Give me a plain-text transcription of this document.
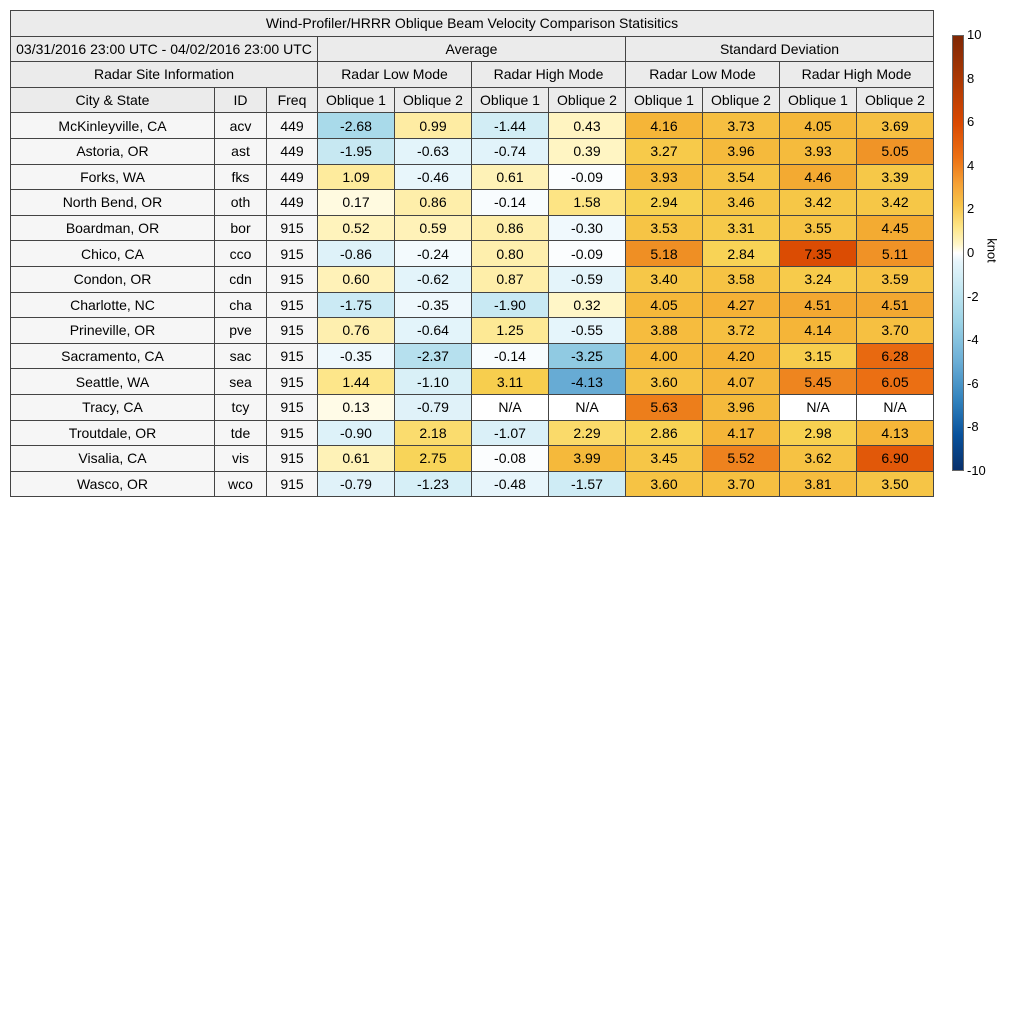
Wind-Profiler/HRRR Oblique Beam Velocity Comparison Statisitics										
03/31/2016 23:00 UTC - 04/02/2016 23:00 UTC			Average				Standard Deviation			
Radar Site Information			Radar Low Mode		Radar High Mode		Radar Low Mode		Radar High Mode	
City & State	ID	Freq	Oblique 1	Oblique 2	Oblique 1	Oblique 2	Oblique 1	Oblique 2	Oblique 1	Oblique 2
McKinleyville, CA	acv	449	-2.68	0.99	-1.44	0.43	4.16	3.73	4.05	3.69
Astoria, OR	ast	449	-1.95	-0.63	-0.74	0.39	3.27	3.96	3.93	5.05
Forks, WA	fks	449	1.09	-0.46	0.61	-0.09	3.93	3.54	4.46	3.39
North Bend, OR	oth	449	0.17	0.86	-0.14	1.58	2.94	3.46	3.42	3.42
Boardman, OR	bor	915	0.52	0.59	0.86	-0.30	3.53	3.31	3.55	4.45
Chico, CA	cco	915	-0.86	-0.24	0.80	-0.09	5.18	2.84	7.35	5.11
Condon, OR	cdn	915	0.60	-0.62	0.87	-0.59	3.40	3.58	3.24	3.59
Charlotte, NC	cha	915	-1.75	-0.35	-1.90	0.32	4.05	4.27	4.51	4.51
Prineville, OR	pve	915	0.76	-0.64	1.25	-0.55	3.88	3.72	4.14	3.70
Sacramento, CA	sac	915	-0.35	-2.37	-0.14	-3.25	4.00	4.20	3.15	6.28
Seattle, WA	sea	915	1.44	-1.10	3.11	-4.13	3.60	4.07	5.45	6.05
Tracy, CA	tcy	915	0.13	-0.79	N/A	N/A	5.63	3.96	N/A	N/A
Troutdale, OR	tde	915	-0.90	2.18	-1.07	2.29	2.86	4.17	2.98	4.13
Visalia, CA	vis	915	0.61	2.75	-0.08	3.99	3.45	5.52	3.62	6.90
Wasco, OR	wco	915	-0.79	-1.23	-0.48	-1.57	3.60	3.70	3.81	3.50
10
8
6
4
2
0
-2
-4
-6
-8
-10
knot
